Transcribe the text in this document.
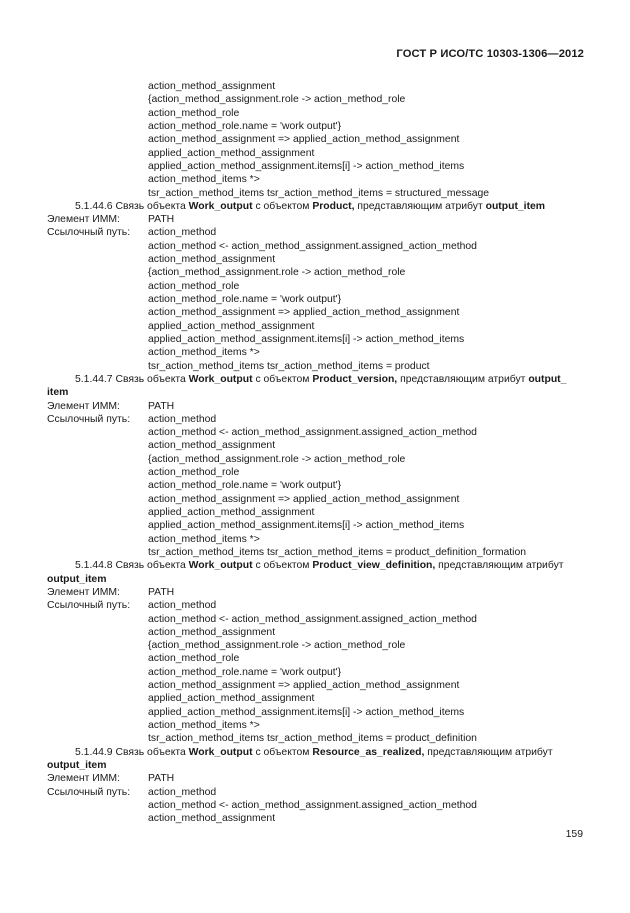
ГОСТ Р ИСО/ТС 10303-1306—2012
action_method_assignment
{action_method_assignment.role -> action_method_role
action_method_role
action_method_role.name = 'work output'}
action_method_assignment => applied_action_method_assignment
applied_action_method_assignment
applied_action_method_assignment.items[i] -> action_method_items
action_method_items *>
tsr_action_method_items tsr_action_method_items = structured_message
5.1.44.6 Связь объекта Work_output с объектом Product, представляющим атрибут output_item
Элемент ИММ:	PATH
Ссылочный путь:	action_method
action_method <- action_method_assignment.assigned_action_method
action_method_assignment
{action_method_assignment.role -> action_method_role
action_method_role
action_method_role.name = 'work output'}
action_method_assignment => applied_action_method_assignment
applied_action_method_assignment
applied_action_method_assignment.items[i] -> action_method_items
action_method_items *>
tsr_action_method_items tsr_action_method_items = product
5.1.44.7 Связь объекта Work_output с объектом Product_version, представляющим атрибут output_
item
Элемент ИММ:	PATH
Ссылочный путь:	action_method
action_method <- action_method_assignment.assigned_action_method
action_method_assignment
{action_method_assignment.role -> action_method_role
action_method_role
action_method_role.name = 'work output'}
action_method_assignment => applied_action_method_assignment
applied_action_method_assignment
applied_action_method_assignment.items[i] -> action_method_items
action_method_items *>
tsr_action_method_items tsr_action_method_items = product_definition_formation
5.1.44.8 Связь объекта Work_output с объектом Product_view_definition, представляющим атрибут
output_item
Элемент ИММ:	PATH
Ссылочный путь:	action_method
action_method <- action_method_assignment.assigned_action_method
action_method_assignment
{action_method_assignment.role -> action_method_role
action_method_role
action_method_role.name = 'work output'}
action_method_assignment => applied_action_method_assignment
applied_action_method_assignment
applied_action_method_assignment.items[i] -> action_method_items
action_method_items *>
tsr_action_method_items tsr_action_method_items = product_definition
5.1.44.9 Связь объекта Work_output с объектом Resource_as_realized, представляющим атрибут
output_item
Элемент ИММ:	PATH
Ссылочный путь:	action_method
action_method <- action_method_assignment.assigned_action_method
action_method_assignment
159
